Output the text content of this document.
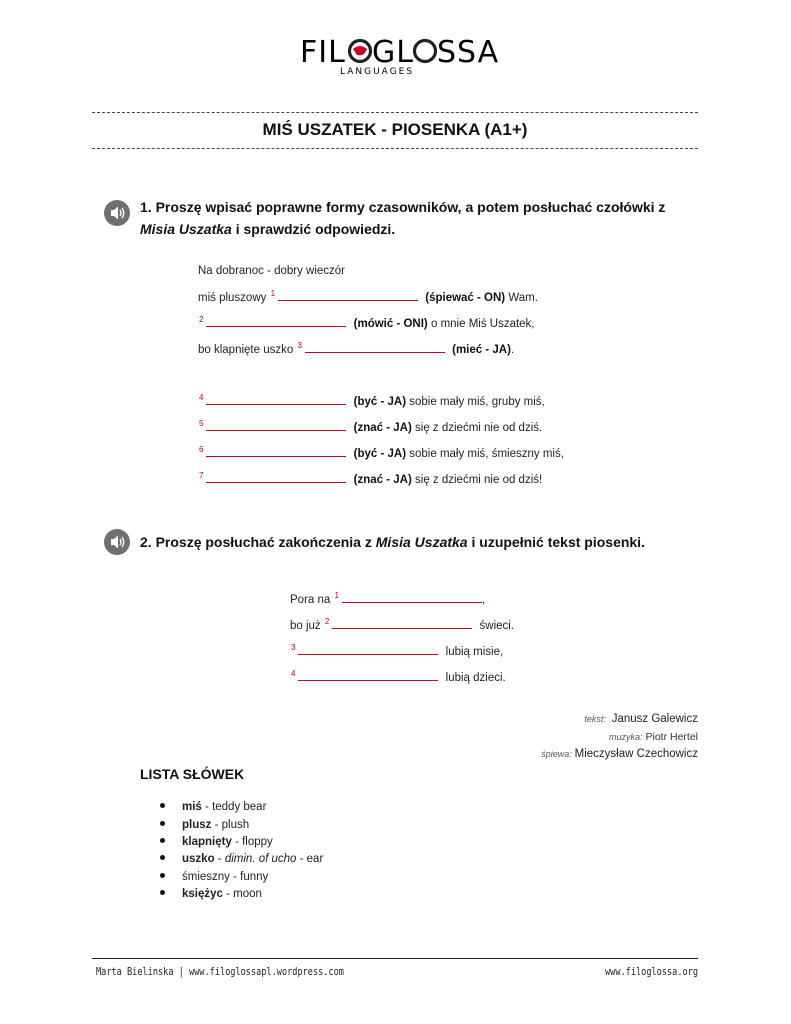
FIL GL SSA
LANGUAGES
MIŚ USZATEK - PIOSENKA (A1+)
1. Proszę wpisać poprawne formy czasowników, a potem posłuchać czołówki z
Misia Uszatka i sprawdzić odpowiedzi.
Na dobranoc - dobry wieczór
miś pluszowy $^1$	(śpiewać - ON) Wam.
$^2$	(mówić - ONI) o mnie Miś Uszatek,
bo klapnięte uszko $^3$	(mieć - JA).
$^4$	(być - JA) sobie mały miś, gruby miś,
$^5$	(znać - JA) się z dziećmi nie od dziś.
$^6$	(być - JA) sobie mały miś, śmieszny miś,
$^7$	(znać - JA) się z dziećmi nie od dziś!
2. Proszę posłuchać zakończenia z Misia Uszatka i uzupełnić tekst piosenki.
Pora na $^1$	,
bo już $^2$	świeci.
$^3$	lubią misie,
$^4$	lubią dzieci.
tekst: Janusz Galewicz
muzyka: Piotr Hertel
śpiewa: Mieczysław Czechowicz
LISTA SŁÓWEK
miś - teddy bear
plusz - plush
klapnięty - floppy
uszko - dimin. of ucho - ear
śmieszny - funny
księżyc - moon
Marta Bielinska | www.filoglossapl.wordpress.com	www.filoglossa.org
